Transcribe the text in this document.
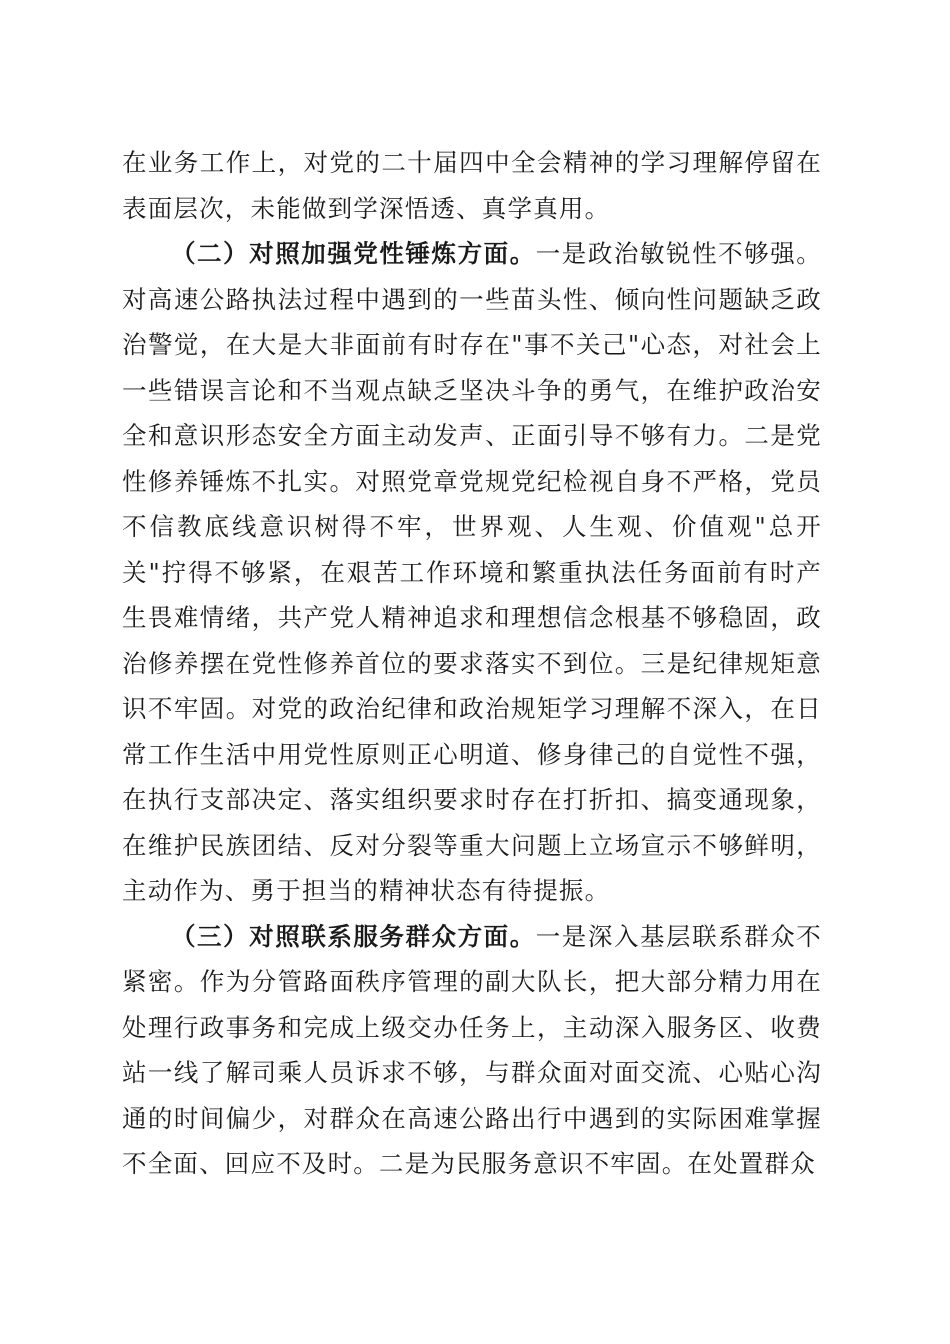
在业务工作上，对党的二十届四中全会精神的学习理解停留在表面层次，未能做到学深悟透、真学真用。

（二）对照加强党性锤炼方面。一是政治敏锐性不够强。对高速公路执法过程中遇到的一些苗头性、倾向性问题缺乏政治警觉，在大是大非面前有时存在"事不关己"心态，对社会上一些错误言论和不当观点缺乏坚决斗争的勇气，在维护政治安全和意识形态安全方面主动发声、正面引导不够有力。二是党性修养锤炼不扎实。对照党章党规党纪检视自身不严格，党员不信教底线意识树得不牢，世界观、人生观、价值观"总开关"拧得不够紧，在艰苦工作环境和繁重执法任务面前有时产生畏难情绪，共产党人精神追求和理想信念根基不够稳固，政治修养摆在党性修养首位的要求落实不到位。三是纪律规矩意识不牢固。对党的政治纪律和政治规矩学习理解不深入，在日常工作生活中用党性原则正心明道、修身律己的自觉性不强，在执行支部决定、落实组织要求时存在打折扣、搞变通现象，在维护民族团结、反对分裂等重大问题上立场宣示不够鲜明，主动作为、勇于担当的精神状态有待提振。

（三）对照联系服务群众方面。一是深入基层联系群众不紧密。作为分管路面秩序管理的副大队长，把大部分精力用在处理行政事务和完成上级交办任务上，主动深入服务区、收费站一线了解司乘人员诉求不够，与群众面对面交流、心贴心沟通的时间偏少，对群众在高速公路出行中遇到的实际困难掌握不全面、回应不及时。二是为民服务意识不牢固。在处置群众
